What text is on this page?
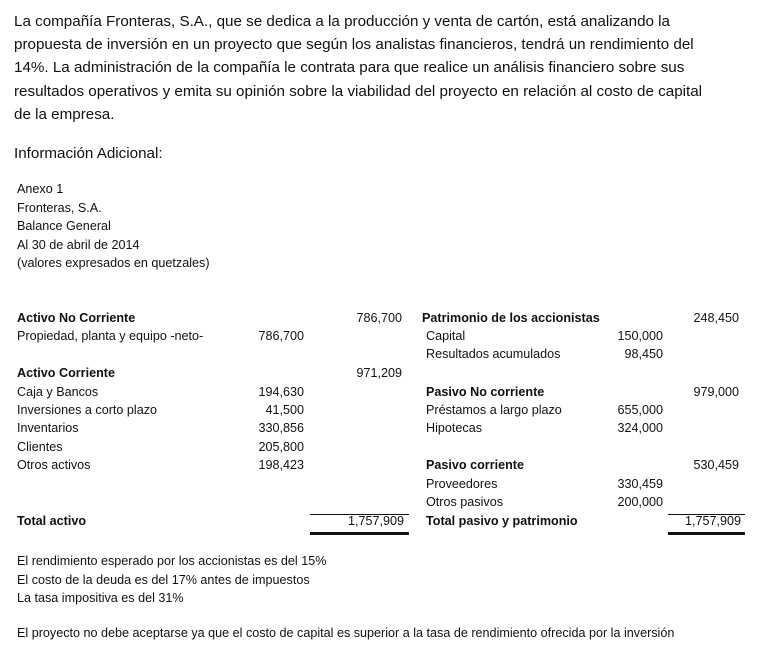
La compañía Fronteras, S.A., que se dedica a la producción y venta de cartón, está analizando la propuesta de inversión en un proyecto que según los analistas financieros, tendrá un rendimiento del 14%. La administración de la compañía le contrata para que realice un análisis financiero sobre sus resultados operativos y emita su opinión sobre la viabilidad del proyecto en relación al costo de capital de la empresa.

Información Adicional:

Anexo 1
Fronteras, S.A.
Balance General
Al 30 de abril de 2014
(valores expresados en quetzales)
Activo No Corriente	786,700
Propiedad, planta y equipo -neto-	786,700
Activo Corriente	971,209
Caja y Bancos	194,630
Inversiones a corto plazo	41,500
Inventarios	330,856
Clientes	205,800
Otros activos	198,423
Total activo	1,757,909
Patrimonio de los accionistas	248,450
Capital	150,000
Resultados acumulados	98,450
Pasivo No corriente	979,000
Préstamos a largo plazo	655,000
Hipotecas	324,000
Pasivo corriente	530,459
Proveedores	330,459
Otros pasivos	200,000
Total pasivo y patrimonio	1,757,909
El rendimiento esperado por los accionistas es del 15%
El costo de la deuda es del 17% antes de impuestos
La tasa impositiva es del 31%
El proyecto no debe aceptarse ya que el costo de capital es superior a la tasa de rendimiento ofrecida por la inversión
